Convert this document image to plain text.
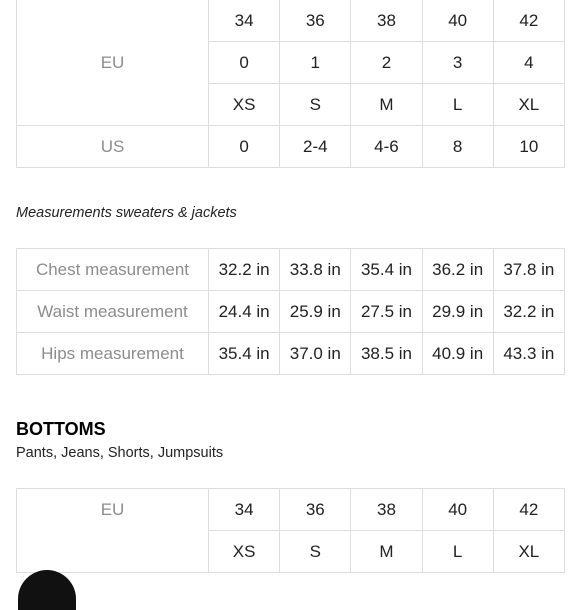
EU	34	36	38	40	42
	0	1	2	3	4
	XS	S	M	L	XL
US	0	2-4	4-6	8	10
Measurements sweaters & jackets
Chest measurement	32.2 in	33.8 in	35.4 in	36.2 in	37.8 in
Waist measurement	24.4 in	25.9 in	27.5 in	29.9 in	32.2 in
Hips measurement	35.4 in	37.0 in	38.5 in	40.9 in	43.3 in
BOTTOMS
Pants, Jeans, Shorts, Jumpsuits
EU	34	36	38	40	42
	XS	S	M	L	XL
